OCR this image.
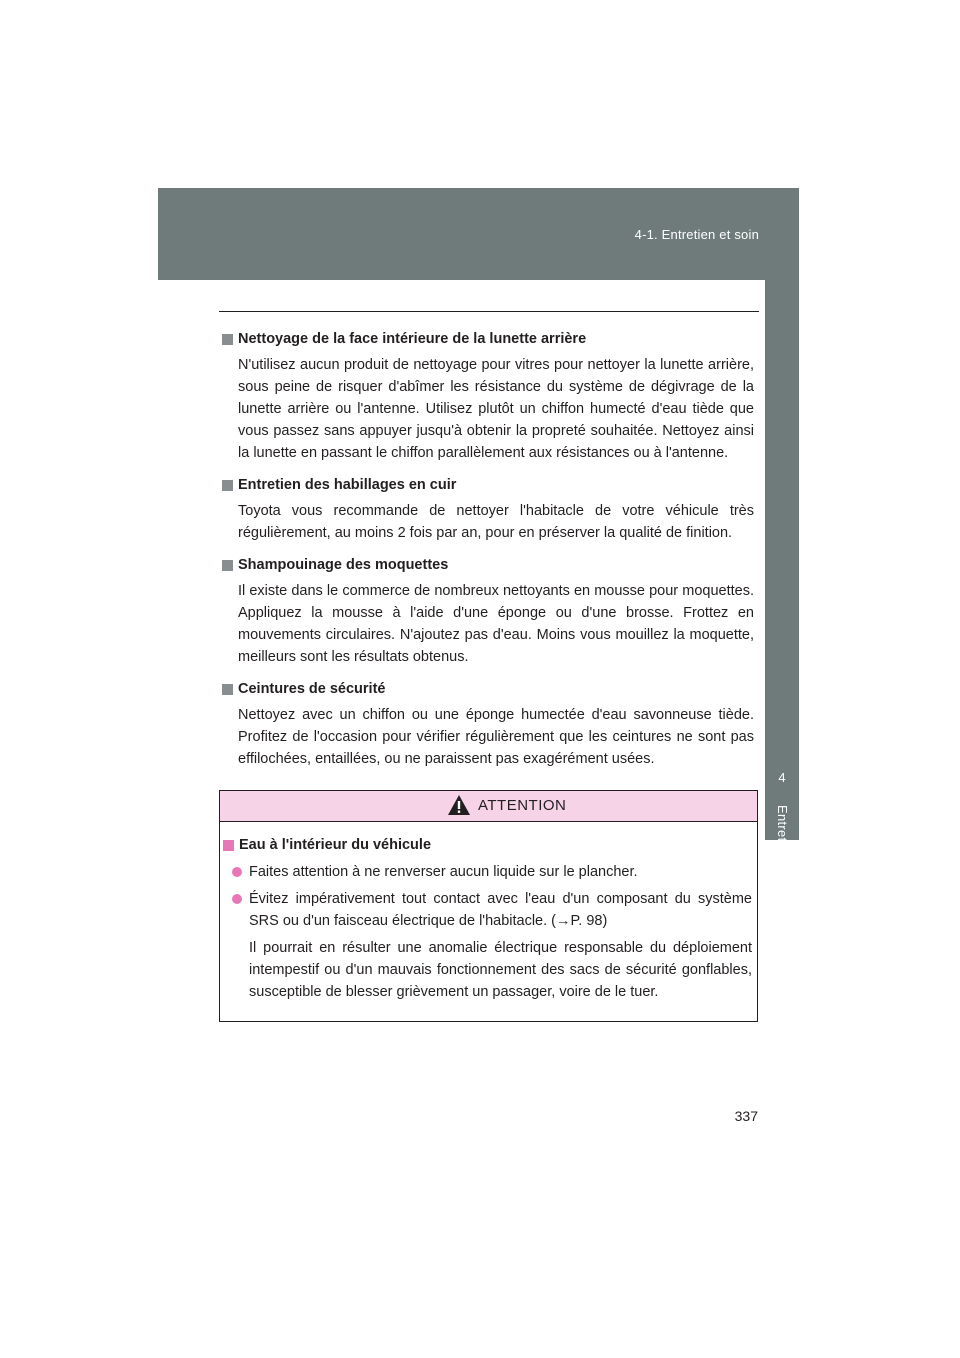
4-1. Entretien et soin
4
Entretien et soin
Nettoyage de la face intérieure de la lunette arrière

N'utilisez aucun produit de nettoyage pour vitres pour nettoyer la lunette arrière, sous peine de risquer d'abîmer les résistance du système de dégivrage de la lunette arrière ou l'antenne. Utilisez plutôt un chiffon humecté d'eau tiède que vous passez sans appuyer jusqu'à obtenir la propreté souhaitée. Nettoyez ainsi la lunette en passant le chiffon parallèlement aux résistances ou à l'antenne.

Entretien des habillages en cuir

Toyota vous recommande de nettoyer l'habitacle de votre véhicule très régulièrement, au moins 2 fois par an, pour en préserver la qualité de finition.

Shampouinage des moquettes

Il existe dans le commerce de nombreux nettoyants en mousse pour moquettes. Appliquez la mousse à l'aide d'une éponge ou d'une brosse. Frottez en mouvements circulaires. N'ajoutez pas d'eau. Moins vous mouillez la moquette, meilleurs sont les résultats obtenus.

Ceintures de sécurité

Nettoyez avec un chiffon ou une éponge humectée d'eau savonneuse tiède. Profitez de l'occasion pour vérifier régulièrement que les ceintures ne sont pas effilochées, entaillées, ou ne paraissent pas exagérément usées.

ATTENTION
Eau à l'intérieur du véhicule

Faites attention à ne renverser aucun liquide sur le plancher.

Évitez impérativement tout contact avec l'eau d'un composant du système SRS ou d'un faisceau électrique de l'habitacle. (→P. 98)

Il pourrait en résulter une anomalie électrique responsable du déploiement intempestif ou d'un mauvais fonctionnement des sacs de sécurité gonflables, susceptible de blesser grièvement un passager, voire de le tuer.

337
